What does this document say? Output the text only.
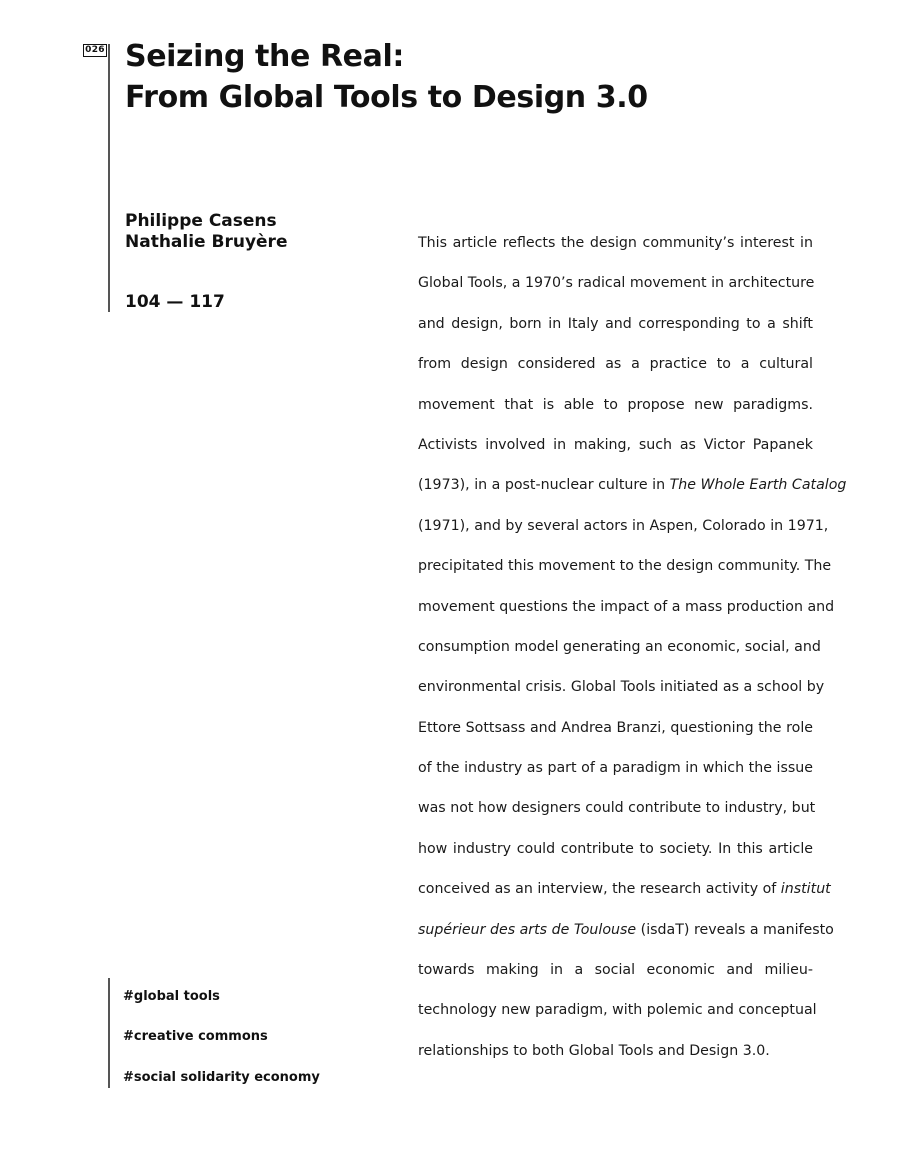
026 Seizing the Real:
From Global Tools to Design 3.0
Philippe Casens
Nathalie Bruyère
104 — 117
This article reflects the design community’s interest in
Global Tools, a 1970’s radical movement in architecture
and design, born in Italy and corresponding to a shift
from design considered as a practice to a cultural
movement that is able to propose new paradigms.
Activists involved in making, such as Victor Papanek
(1973), in a post-nuclear culture in The Whole Earth Catalog
(1971), and by several actors in Aspen, Colorado in 1971,
precipitated this movement to the design community. The
movement questions the impact of a mass production and
consumption model generating an economic, social, and
environmental crisis. Global Tools initiated as a school by
Ettore Sottsass and Andrea Branzi, questioning the role
of the industry as part of a paradigm in which the issue
was not how designers could contribute to industry, but
how industry could contribute to society. In this article
conceived as an interview, the research activity of institut
supérieur des arts de Toulouse (isdaT) reveals a manifesto
towards making in a social economic and milieu-
technology new paradigm, with polemic and conceptual
relationships to both Global Tools and Design 3.0.
#global tools
#creative commons
#social solidarity economy
